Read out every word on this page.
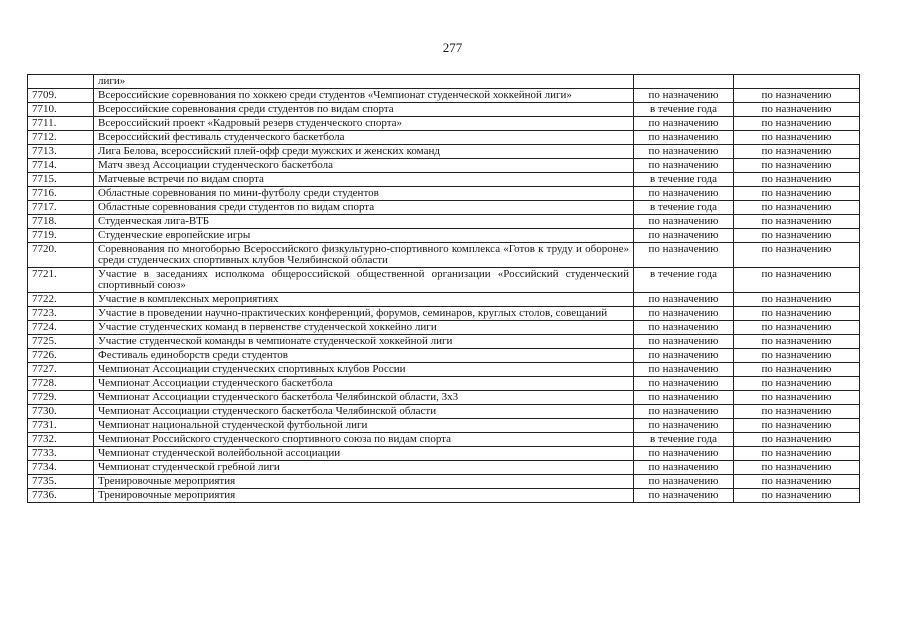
277
	лиги»		
7709.	Всероссийские соревнования по хоккею среди студентов «Чемпионат студенческой хоккейной лиги»	по назначению	по назначению
7710.	Всероссийские соревнования среди студентов по видам спорта	в течение года	по назначению
7711.	Всероссийский проект «Кадровый резерв студенческого спорта»	по назначению	по назначению
7712.	Всероссийский фестиваль студенческого баскетбола	по назначению	по назначению
7713.	Лига Белова, всероссийский плей-офф среди мужских и женских команд	по назначению	по назначению
7714.	Матч звезд Ассоциации студенческого баскетбола	по назначению	по назначению
7715.	Матчевые встречи по видам спорта	в течение года	по назначению
7716.	Областные соревнования по мини-футболу среди студентов	по назначению	по назначению
7717.	Областные соревнования среди студентов по видам спорта	в течение года	по назначению
7718.	Студенческая лига-ВТБ	по назначению	по назначению
7719.	Студенческие европейские игры	по назначению	по назначению
7720.	Соревнования по многоборью Всероссийского физкультурно-спортивного комплекса «Готов к труду и обороне» среди студенческих спортивных клубов Челябинской области	по назначению	по назначению
7721.	Участие в заседаниях исполкома общероссийской общественной организации «Российский студенческий спортивный союз»	в течение года	по назначению
7722.	Участие в комплексных мероприятиях	по назначению	по назначению
7723.	Участие в проведении научно-практических конференций, форумов, семинаров, круглых столов, совещаний	по назначению	по назначению
7724.	Участие студенческих команд в первенстве студенческой хоккейно лиги	по назначению	по назначению
7725.	Участие студенческой команды в чемпионате студенческой хоккейной лиги	по назначению	по назначению
7726.	Фестиваль единоборств среди студентов	по назначению	по назначению
7727.	Чемпионат Ассоциации студенческих спортивных клубов России	по назначению	по назначению
7728.	Чемпионат Ассоциации студенческого баскетбола	по назначению	по назначению
7729.	Чемпионат Ассоциации студенческого баскетбола Челябинской области, 3х3	по назначению	по назначению
7730.	Чемпионат Ассоциации студенческого баскетбола Челябинской области	по назначению	по назначению
7731.	Чемпионат национальной студенческой футбольной лиги	по назначению	по назначению
7732.	Чемпионат Российского студенческого спортивного союза по видам спорта	в течение года	по назначению
7733.	Чемпионат студенческой волейбольной ассоциации	по назначению	по назначению
7734.	Чемпионат студенческой гребной лиги	по назначению	по назначению
7735.	Тренировочные мероприятия	по назначению	по назначению
7736.	Тренировочные мероприятия	по назначению	по назначению
